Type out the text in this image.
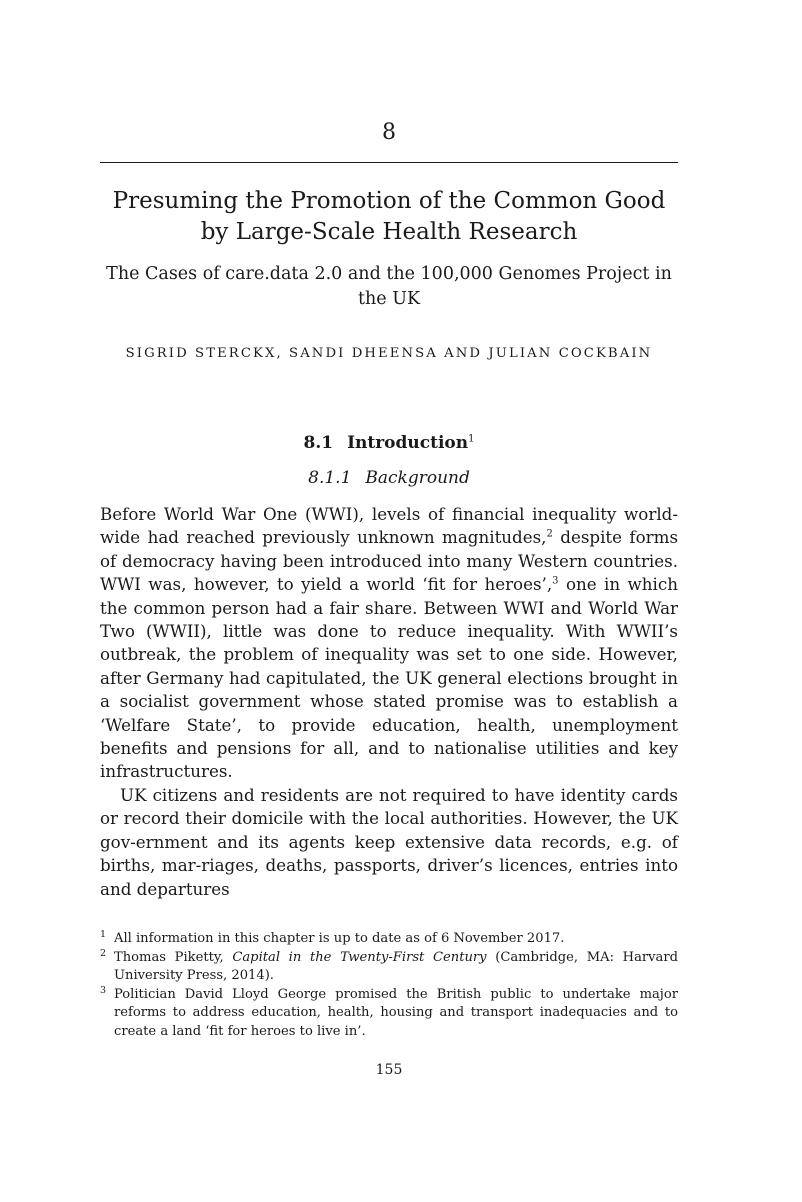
8
Presuming the Promotion of the Common Good
by Large-Scale Health Research
The Cases of care.data 2.0 and the 100,000 Genomes Project in the UK
SIGRID STERCKX, SANDI DHEENSA AND JULIAN COCKBAIN
8.1 Introduction$^1$
8.1.1 Background

Before World War One (WWI), levels of financial inequality world-wide had reached previously unknown magnitudes,$^2$ despite forms of democracy having been introduced into many Western countries. WWI was, however, to yield a world ‘fit for heroes’,$^3$ one in which the common person had a fair share. Between WWI and World War Two (WWII), little was done to reduce inequality. With WWII’s outbreak, the problem of inequality was set to one side. However, after Germany had capitulated, the UK general elections brought in a socialist government whose stated promise was to establish a ‘Welfare State’, to provide education, health, unemployment benefits and pensions for all, and to nationalise utilities and key infrastructures.

UK citizens and residents are not required to have identity cards or record their domicile with the local authorities. However, the UK gov-ernment and its agents keep extensive data records, e.g. of births, mar-riages, deaths, passports, driver’s licences, entries into and departures

1 All information in this chapter is up to date as of 6 November 2017.

2 Thomas Piketty, Capital in the Twenty-First Century (Cambridge, MA: Harvard University Press, 2014).

3 Politician David Lloyd George promised the British public to undertake major reforms to address education, health, housing and transport inadequacies and to create a land ‘fit for heroes to live in’.

155
